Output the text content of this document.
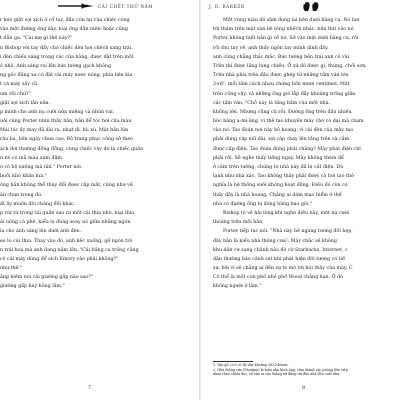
CÁI CHẾT THỨ NĂM
r kéo giật sợi xích ở cổ tay, đầu còn lại của chiếc còng
vào một đường ống dày, loại ống dẫn nước hoặc cũng
t dẫn ga. "Cái mẹ gì thế này?"
n Bishop với tay đẩy cho chiếc đèn hơi chếch sang trái.
i đèn chiếu sáng trong các của hàng, được đặt trên một
ỏ nhỏ. Anh sáng rọi lên bức tường gạch không
ng góc đằng xa có đặt cái máy nước nóng, phía bên kia
t và máy sấy cũ.
um rồi chứ?"
giật sợi xích lần nữa.
p mình cho anh nụ cười nửa miệng và nhún vai.
uởi cùng Porter nhìn thấy hắn, hắn để tóc hơi của màu
Mái tóc ấy may đã dài ra, nhạt đi, bù xù. Mặt hắn lún
râu ba, bốn ngày chưa cạo. Bộ trang phục công sở theo
ách đơi thường đồng đồng, cùng chiếc váy đơ là chiếc quần
n nó có mũ màu xám đậm.
ó có bộ xuống mà nhỉ." Porter nói.
buồi khó khăn mà."
ông hắn không thể thay đổi được cập mắt, cũng như về
ắn chưa trong đó.
ất ấy muốn đòi chăng đồi khác.
p rút từ trong túi quần sau ra một cái thìa nhỏ, loại thìa
ái uống cà phê, kiểu lọ đúng soay nó giữa những ngón
ìa cho ánh sáng lên dưới ánh đèn.
ẹo lo cái thìa. Thay vào đó, anh liếc xuống, gỡ ngón trỏ
n trái hoạ mà anh đang nắm lên. "Cái băng ca trông cũng
có cái máy dùng để sích Emory vào phải không?"
như thế."
ằng kiếm nói cái giường gấp nào sao?"
giường gấp hay hông lắm."
7
J. D. BARKER
Một vùng màu đỏ sậm đọng lại bên dưới băng ca. Nó lan
tới thảm trên mặt sàn bê tông nhếch nhác, bắn thịt vào nó
Porter không biết hẳn gì về nó. Sở vào mặt dưới băng ca, rồi
rồi thu tay về, anh thấy ngón tay mình dính đầy.
anh cũng chẳng thắc mắc. Bức tường bên trái anh có vài
Trên thì được lăng lung chiếu. Ở xứ đó được gì, thùng, chồi sơn,
Trên nhà phía trên đầu được ghép từ những tấm ván lớn
2×6¹, mỗi tấm cách nhau chừng bốn mươi centimet. Mặt
trên cũng vậy, vả những ống gió lấp đầy khoảng trống giữa
các tấm ván. "Chỗ này là tầng hầm của một nhà.
không lớn. Nhưng cũng cũ rồi. Đường ống trên đầu nhiều
búc bằng a-mi-ăng, vì thế tao khuyên mày chớ có dại mà chạm
vào nó. Tao đoán nơi này bỏ hoang, vì cái đèn của mày tao
phải dùng cáp nối dài, sợi cáp chạy lên tầng trên và cắm
được cấp điện. Tao đoán đúng phải chăng? Mày phát điện chỉ
phải rồi. Sẽ nghe thấy tiếng ngay. Mày không thèm để
ở cảm trên tường, chúng tơ nhà này đã bị cắt điện. Dù
lạnh như nhà xác. Tao không thấy phải được cà hơi tao thở
nghĩa là hệ thống sưởi không hoạt động. Điều đó còn có
thấy đây là nhà hoang. Chẳng ai dám mạo hiểm ở thể
nhà có đường ống bị đóng băng bao giờ."
Bishop tỏ vẻ hài lòng khi nghe điều này, một nụ cười
thoáng trên môi hắn.
Porter tiếp tục nói. "Nhà này bề ngang tương đối hẹp,
đây bằn là kiểu nhà thông cưa². Mày chắc sẽ không
khu dân cư sang chảnh nào đó cờ Starbucks, Internet, c
dân thường bảo cảnh sát khi phát hiện đối tượng có tiế
sự, bởi vì sẽ chẳng ai đến sự tò mò tới hỏi thấy của mày. C
Có thể là một con phố nhỏ phố Wood chẳng hạn. Ở đó
không người ở lắm."
1. Ván gỗ 2×6 có độ dày khoảng 38×140mm.
2. Nhà thông cưa (Shotgun) là kiểu nhà hình ống, chia thành các phòng liên tiếp
nhau theo chiều dọc; từ cửa ra vào thẳng tới đằng tới đầu nhà đều cuối nhà.
8
